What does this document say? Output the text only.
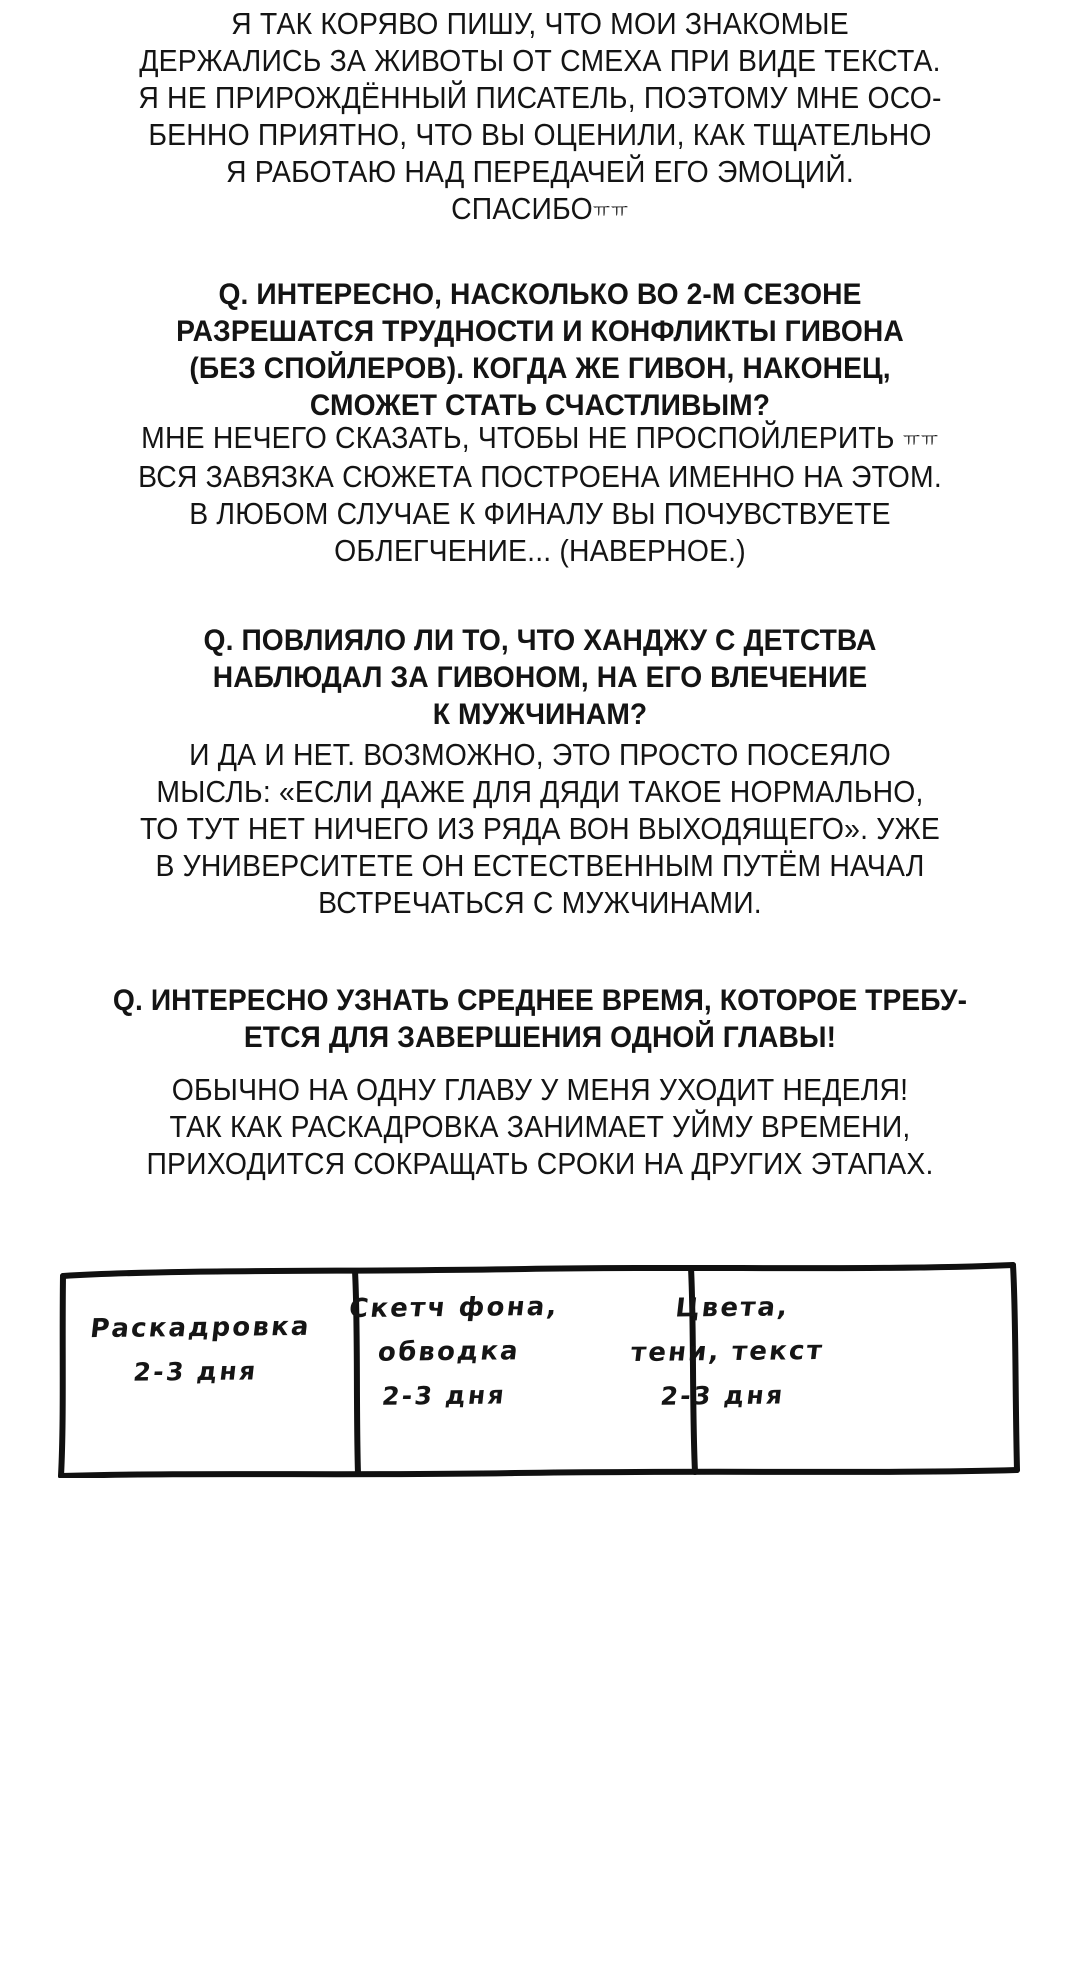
Я ТАК КОРЯВО ПИШУ, ЧТО МОИ ЗНАКОМЫЕ
ДЕРЖАЛИСЬ ЗА ЖИВОТЫ ОТ СМЕХА ПРИ ВИДЕ ТЕКСТА.
Я НЕ ПРИРОЖДЁННЫЙ ПИСАТЕЛЬ, ПОЭТОМУ МНЕ ОСО-
БЕННО ПРИЯТНО, ЧТО ВЫ ОЦЕНИЛИ, КАК ТЩАТЕЛЬНО
Я РАБОТАЮ НАД ПЕРЕДАЧЕЙ ЕГО ЭМОЦИЙ.
СПАСИБОㅠㅠ
Q. ИНТЕРЕСНО, НАСКОЛЬКО ВО 2-М СЕЗОНЕ
РАЗРЕШАТСЯ ТРУДНОСТИ И КОНФЛИКТЫ ГИВОНА
(БЕЗ СПОЙЛЕРОВ). КОГДА ЖЕ ГИВОН, НАКОНЕЦ,
СМОЖЕТ СТАТЬ СЧАСТЛИВЫМ?
МНЕ НЕЧЕГО СКАЗАТЬ, ЧТОБЫ НЕ ПРОСПОЙЛЕРИТЬ ㅠㅠ
ВСЯ ЗАВЯЗКА СЮЖЕТА ПОСТРОЕНА ИМЕННО НА ЭТОМ.
В ЛЮБОМ СЛУЧАЕ К ФИНАЛУ ВЫ ПОЧУВСТВУЕТЕ
ОБЛЕГЧЕНИЕ... (НАВЕРНОЕ.)
Q. ПОВЛИЯЛО ЛИ ТО, ЧТО ХАНДЖУ С ДЕТСТВА
НАБЛЮДАЛ ЗА ГИВОНОМ, НА ЕГО ВЛЕЧЕНИЕ
К МУЖЧИНАМ?
И ДА И НЕТ. ВОЗМОЖНО, ЭТО ПРОСТО ПОСЕЯЛО
МЫСЛЬ: «ЕСЛИ ДАЖЕ ДЛЯ ДЯДИ ТАКОЕ НОРМАЛЬНО,
ТО ТУТ НЕТ НИЧЕГО ИЗ РЯДА ВОН ВЫХОДЯЩЕГО». УЖЕ
В УНИВЕРСИТЕТЕ ОН ЕСТЕСТВЕННЫМ ПУТЁМ НАЧАЛ
ВСТРЕЧАТЬСЯ С МУЖЧИНАМИ.
Q. ИНТЕРЕСНО УЗНАТЬ СРЕДНЕЕ ВРЕМЯ, КОТОРОЕ ТРЕБУ-
ЕТСЯ ДЛЯ ЗАВЕРШЕНИЯ ОДНОЙ ГЛАВЫ!
ОБЫЧНО НА ОДНУ ГЛАВУ У МЕНЯ УХОДИТ НЕДЕЛЯ!
ТАК КАК РАСКАДРОВКА ЗАНИМАЕТ УЙМУ ВРЕМЕНИ,
ПРИХОДИТСЯ СОКРАЩАТЬ СРОКИ НА ДРУГИХ ЭТАПАХ.
Раскадровка
2-3 дня
Скетч фона,
обводка
2-3 дня
Цвета,
тени, текст
2-3 дня
